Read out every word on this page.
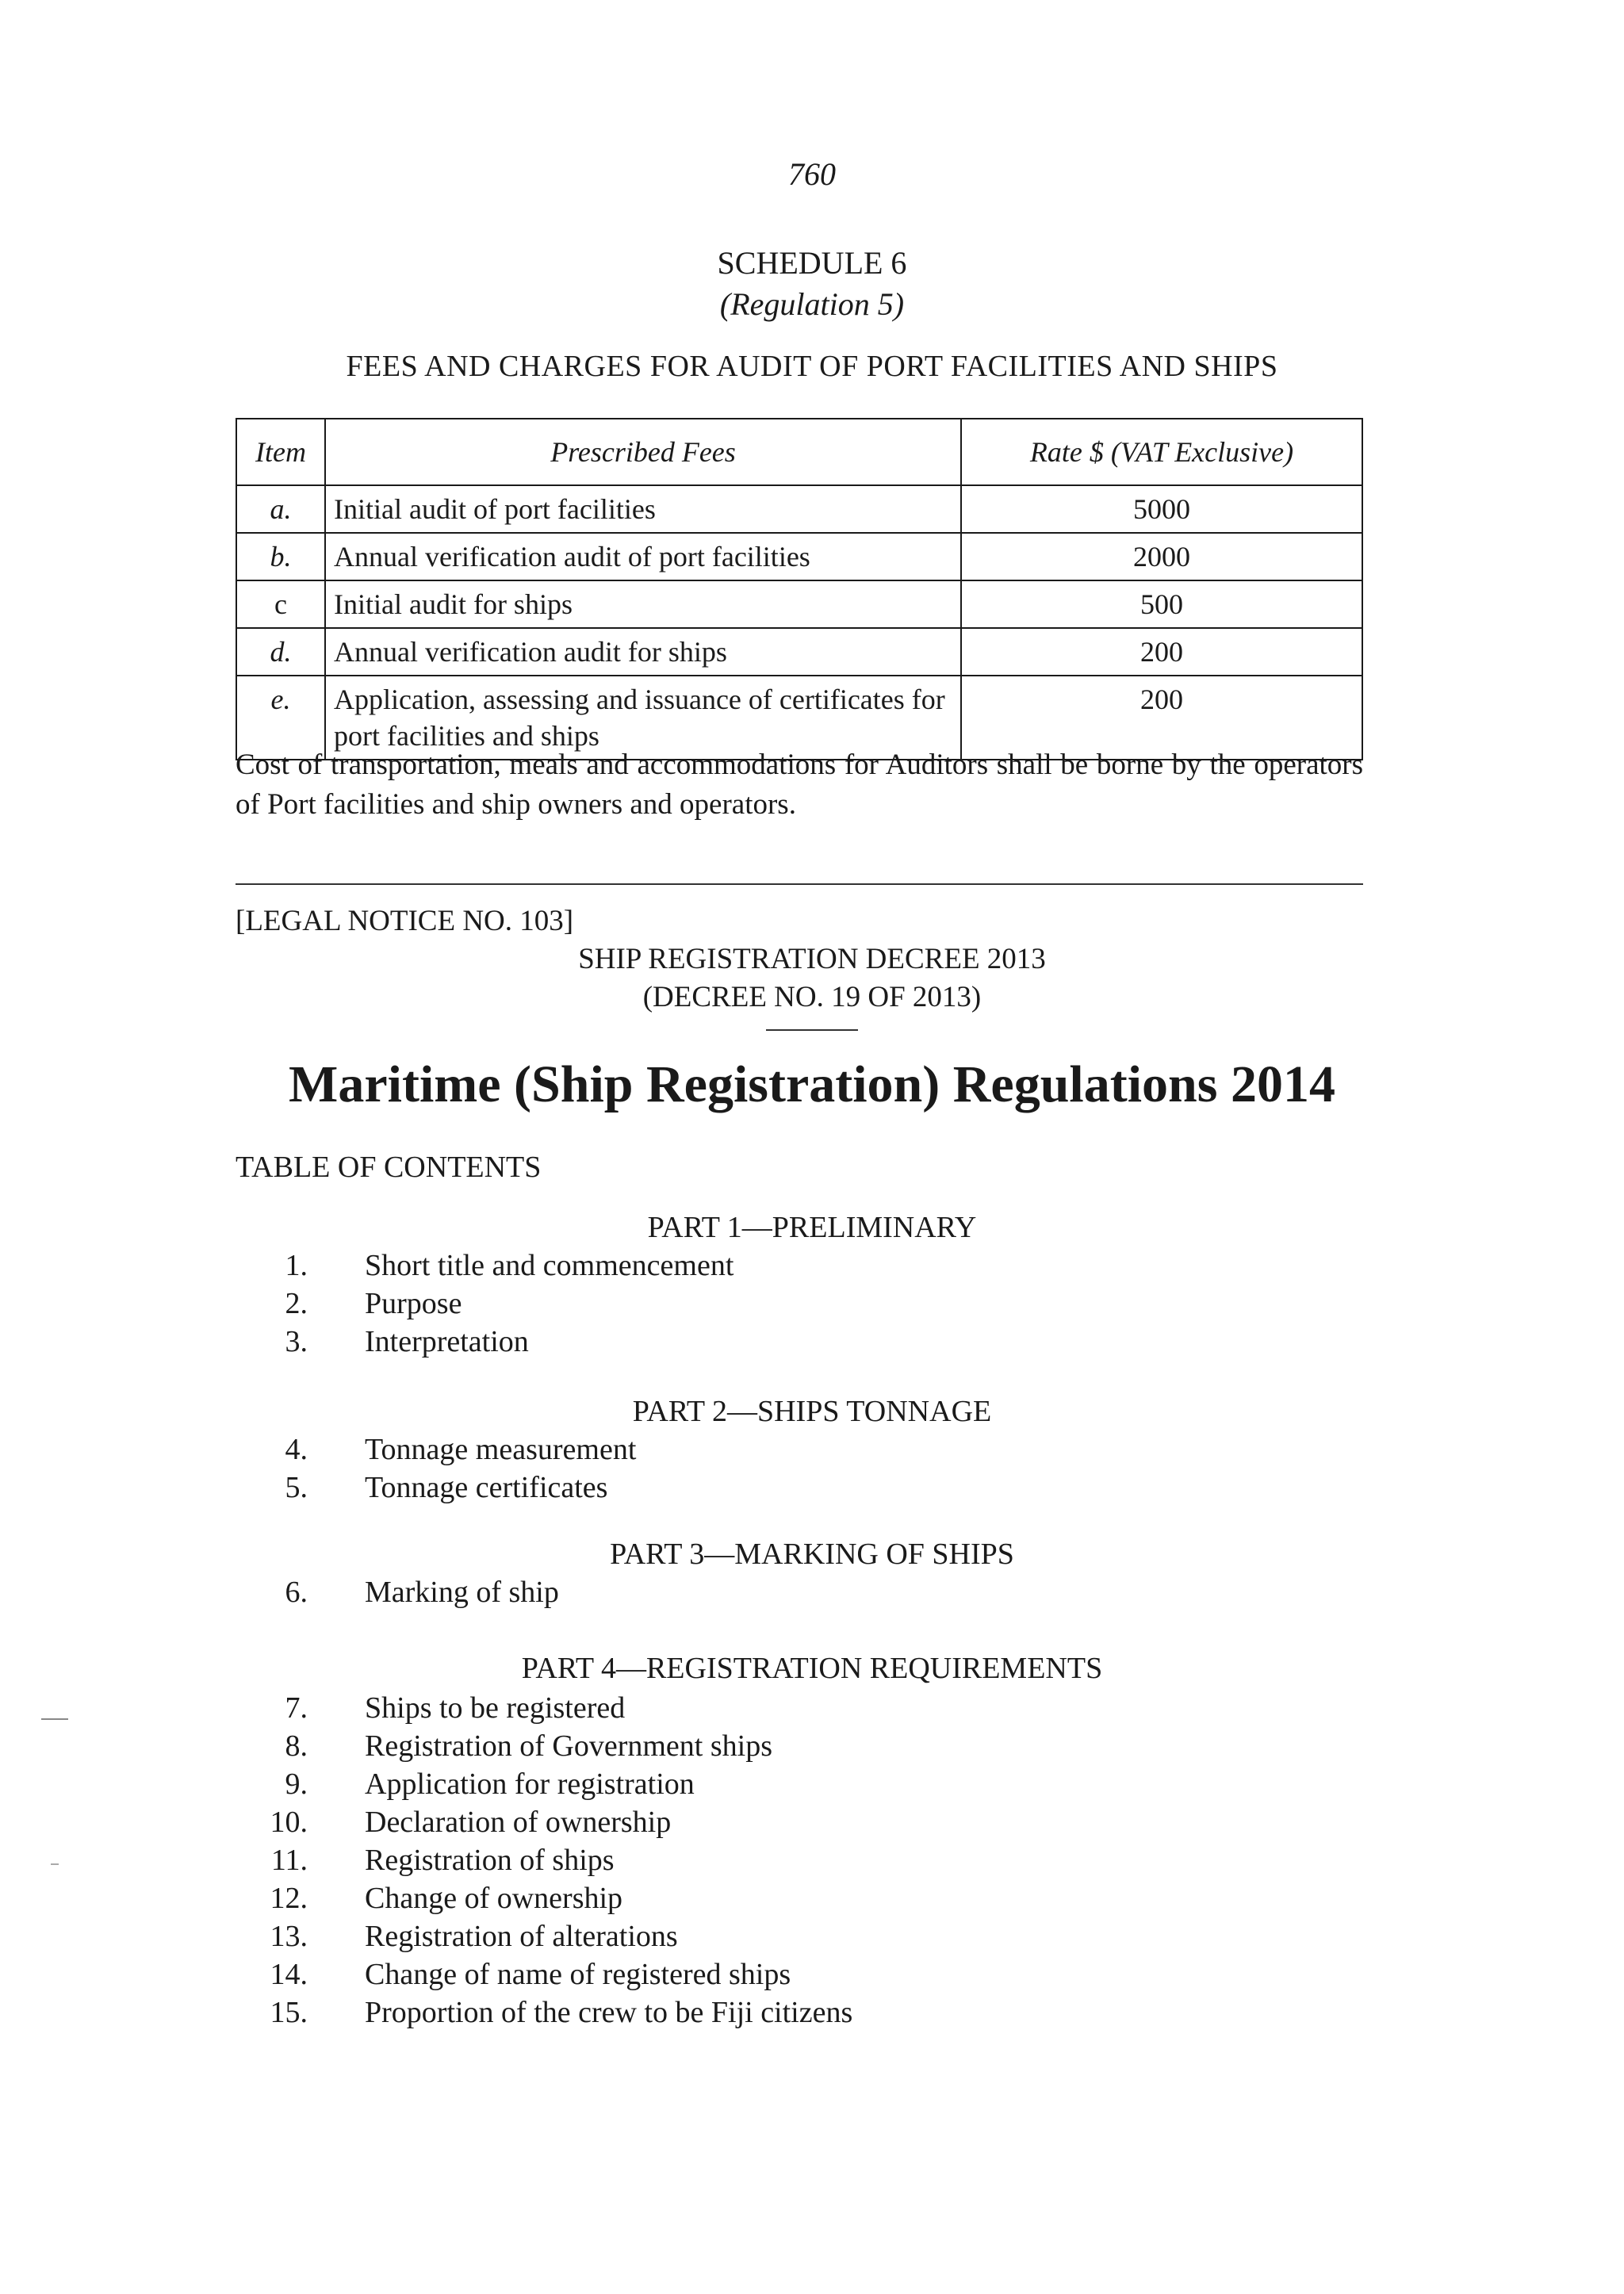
760
SCHEDULE 6
(Regulation 5)
FEES AND CHARGES FOR AUDIT OF PORT FACILITIES AND SHIPS
Item	Prescribed Fees	Rate $ (VAT Exclusive)
a.	Initial audit of port facilities	5000
b.	Annual verification audit of port facilities	2000
c	Initial audit for ships	500
d.	Annual verification audit for ships	200
e.	Application, assessing and issuance of certificates for port facilities and ships	200
Cost of transportation, meals and accommodations for Auditors shall be borne by the operators of Port facilities and ship owners and operators.
[LEGAL NOTICE NO. 103]
SHIP REGISTRATION DECREE 2013
(DECREE NO. 19 OF 2013)
Maritime (Ship Registration) Regulations 2014
TABLE OF CONTENTS
PART 1—PRELIMINARY
1. Short title and commencement
2. Purpose
3. Interpretation
PART 2—SHIPS TONNAGE
4. Tonnage measurement
5. Tonnage certificates
PART 3—MARKING OF SHIPS
6. Marking of ship
PART 4—REGISTRATION REQUIREMENTS
7. Ships to be registered
8. Registration of Government ships
9. Application for registration
10. Declaration of ownership
11. Registration of ships
12. Change of ownership
13. Registration of alterations
14. Change of name of registered ships
15. Proportion of the crew to be Fiji citizens
